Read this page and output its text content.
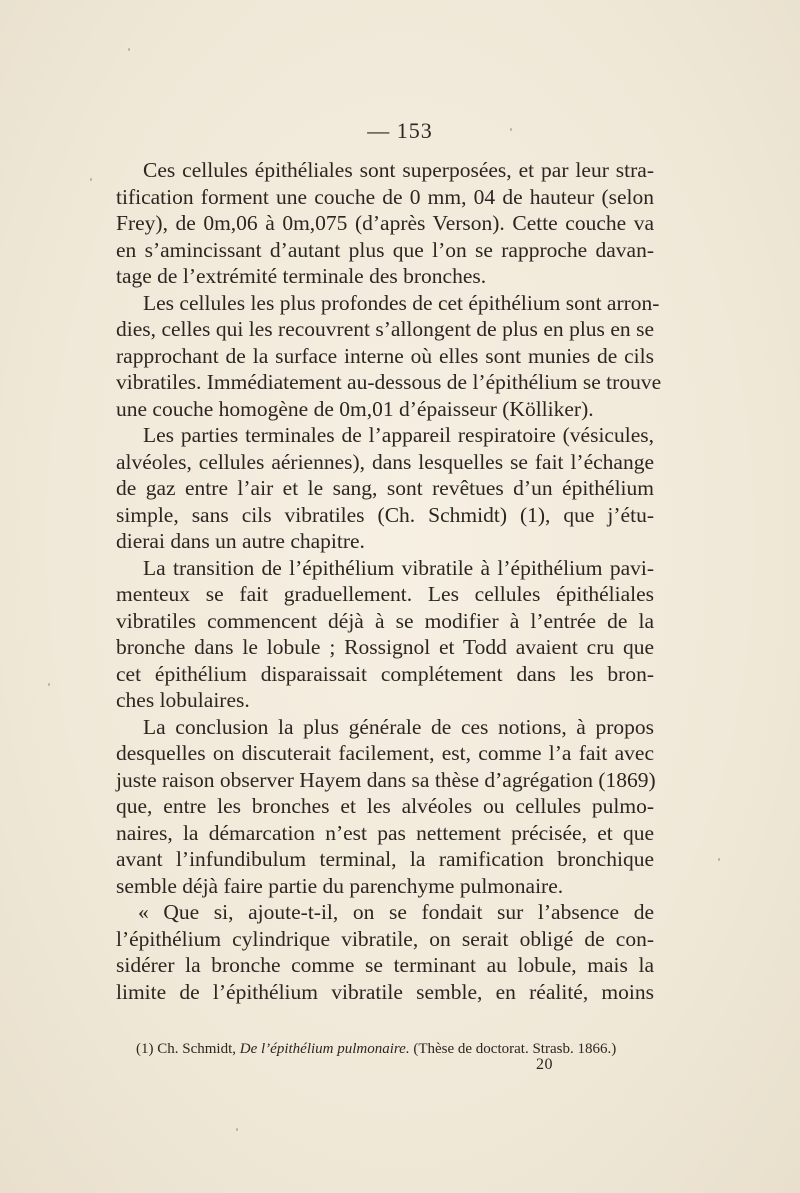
— 153
Ces cellules épithéliales sont superposées, et par leur stra-
tification forment une couche de 0 mm, 04 de hauteur (selon
Frey), de 0m,06 à 0m,075 (d’après Verson). Cette couche va
en s’amincissant d’autant plus que l’on se rapproche davan-
tage de l’extrémité terminale des bronches.
Les cellules les plus profondes de cet épithélium sont arron-
dies, celles qui les recouvrent s’allongent de plus en plus en se
rapprochant de la surface interne où elles sont munies de cils
vibratiles. Immédiatement au-dessous de l’épithélium se trouve
une couche homogène de 0m,01 d’épaisseur (Kölliker).
Les parties terminales de l’appareil respiratoire (vésicules,
alvéoles, cellules aériennes), dans lesquelles se fait l’échange
de gaz entre l’air et le sang, sont revêtues d’un épithélium
simple, sans cils vibratiles (Ch. Schmidt) (1), que j’étu-
dierai dans un autre chapitre.
La transition de l’épithélium vibratile à l’épithélium pavi-
menteux se fait graduellement. Les cellules épithéliales
vibratiles commencent déjà à se modifier à l’entrée de la
bronche dans le lobule ; Rossignol et Todd avaient cru que
cet épithélium disparaissait complétement dans les bron-
ches lobulaires.
La conclusion la plus générale de ces notions, à propos
desquelles on discuterait facilement, est, comme l’a fait avec
juste raison observer Hayem dans sa thèse d’agrégation (1869)
que, entre les bronches et les alvéoles ou cellules pulmo-
naires, la démarcation n’est pas nettement précisée, et que
avant l’infundibulum terminal, la ramification bronchique
semble déjà faire partie du parenchyme pulmonaire.
« Que si, ajoute-t-il, on se fondait sur l’absence de
l’épithélium cylindrique vibratile, on serait obligé de con-
sidérer la bronche comme se terminant au lobule, mais la
limite de l’épithélium vibratile semble, en réalité, moins
(1) Ch. Schmidt, De l’épithélium pulmonaire. (Thèse de doctorat. Strasb. 1866.)
20
